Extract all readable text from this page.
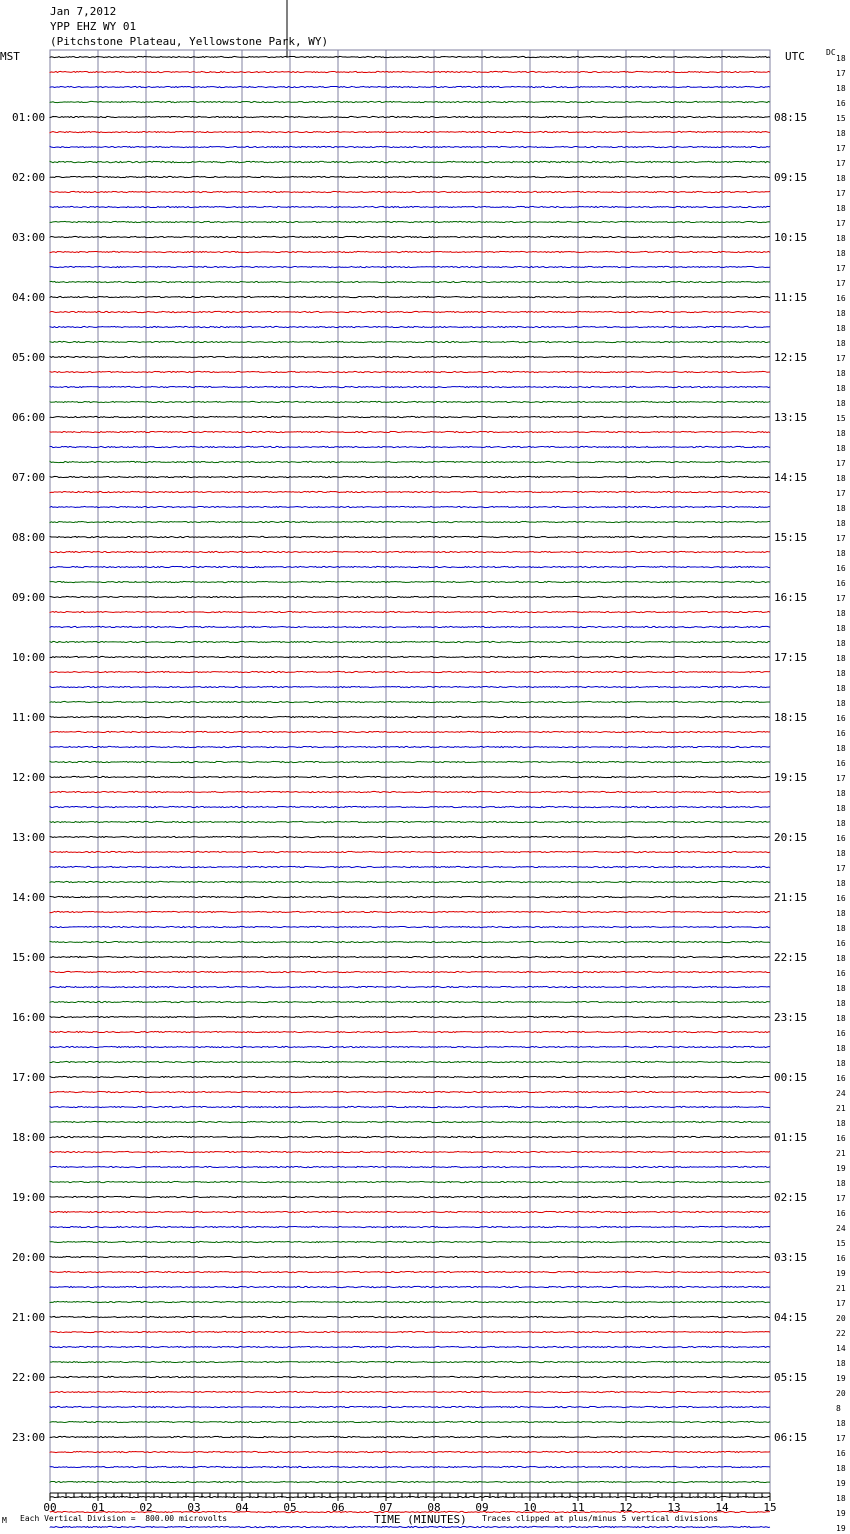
Jan 7,2012
YPP EHZ WY 01
(Pitchstone Plateau, Yellowstone Park, WY)
MST	UTC	DC
18
17
18
16
15
18
17
17
18
17
18
17
18
18
17
17
16
18
18
18
17
18
18
18
15
18
18
17
18
17
18
18
17
18
16
16
17
18
18
18
18
18
18
18
16
16
18
16
17
18
18
18
16
18
17
18
16
18
18
16
18
16
18
18
18
16
18
18
16
24
21
18
16
21
19
18
17
16
24
15
16
19
21
17
20
22
14
18
19
20
8
18
17
16
18
19
18
19
19
01:00
02:00
03:00
04:00
05:00
06:00
07:00
08:00
09:00
10:00
11:00
12:00
13:00
14:00
15:00
16:00
17:00
18:00
19:00
20:00
21:00
22:00
23:00
08:15
09:15
10:15
11:15
12:15
13:15
14:15
15:15
16:15
17:15
18:15
19:15
20:15
21:15
22:15
23:15
00:15
01:15
02:15
03:15
04:15
05:15
06:15
00	01	02	03	04	05	06	07	08	09	10	11	12	13	14	15
TIME (MINUTES)
M Each Vertical Division =  800.00 microvolts	Traces clipped at plus/minus 5 vertical divisions
